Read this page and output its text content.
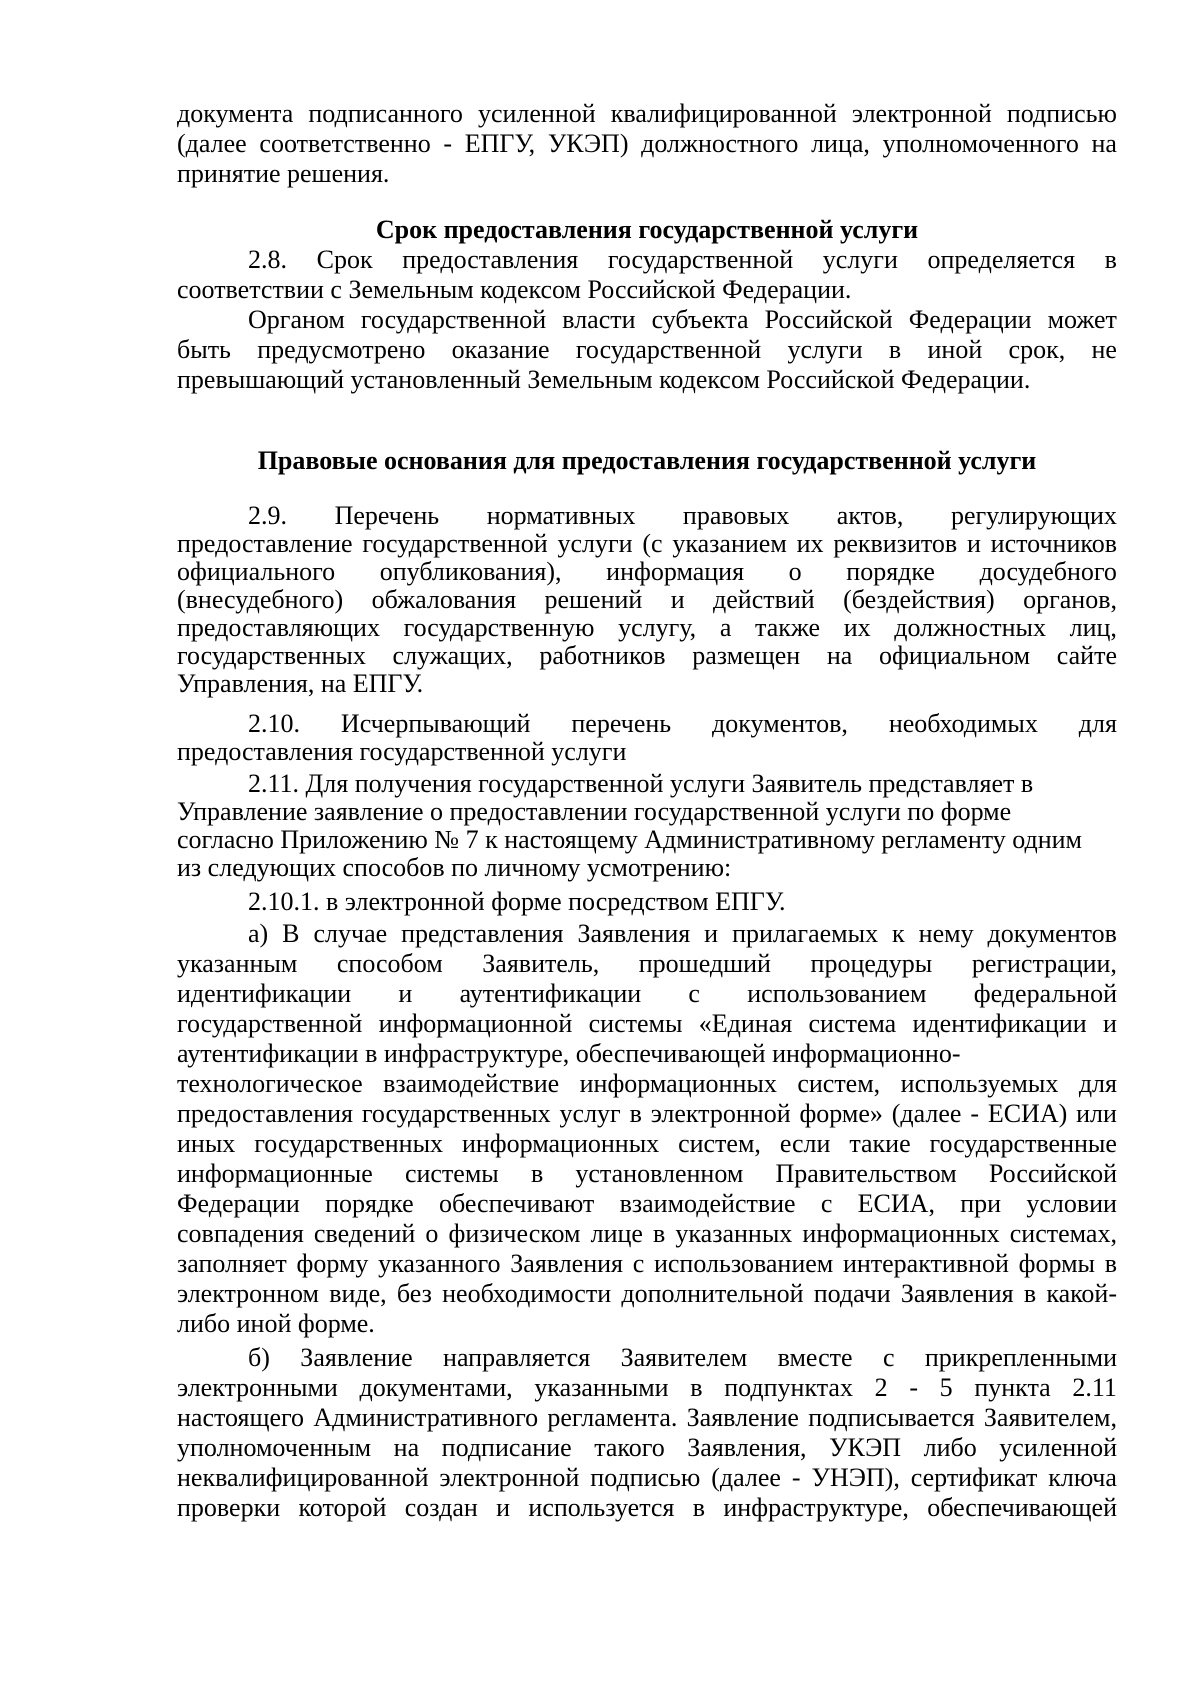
документа подписанного усиленной квалифицированной электронной подписью
(далее соответственно - ЕПГУ, УКЭП) должностного лица, уполномоченного на
принятие решения.
Срок предоставления государственной услуги
2.8. Срок предоставления государственной услуги определяется в
соответствии с Земельным кодексом Российской Федерации.
Органом государственной власти субъекта Российской Федерации может
быть предусмотрено оказание государственной услуги в иной срок, не
превышающий установленный Земельным кодексом Российской Федерации.
Правовые основания для предоставления государственной услуги
2.9. Перечень нормативных правовых актов, регулирующих
предоставление государственной услуги (с указанием их реквизитов и источников
официального опубликования), информация о порядке досудебного
(внесудебного) обжалования решений и действий (бездействия) органов,
предоставляющих государственную услугу, а также их должностных лиц,
государственных служащих, работников размещен на официальном сайте
Управления, на ЕПГУ.
2.10. Исчерпывающий перечень документов, необходимых для
предоставления государственной услуги
2.11. Для получения государственной услуги Заявитель представляет в
Управление заявление о предоставлении государственной услуги по форме
согласно Приложению № 7 к настоящему Административному регламенту одним
из следующих способов по личному усмотрению:
2.10.1. в электронной форме посредством ЕПГУ.
а) В случае представления Заявления и прилагаемых к нему документов
указанным способом Заявитель, прошедший процедуры регистрации,
идентификации и аутентификации с использованием федеральной
государственной информационной системы «Единая система идентификации и
аутентификации в инфраструктуре, обеспечивающей информационно-
технологическое взаимодействие информационных систем, используемых для
предоставления государственных услуг в электронной форме» (далее - ЕСИА) или
иных государственных информационных систем, если такие государственные
информационные системы в установленном Правительством Российской
Федерации порядке обеспечивают взаимодействие с ЕСИА, при условии
совпадения сведений о физическом лице в указанных информационных системах,
заполняет форму указанного Заявления с использованием интерактивной формы в
электронном виде, без необходимости дополнительной подачи Заявления в какой-
либо иной форме.
б) Заявление направляется Заявителем вместе с прикрепленными
электронными документами, указанными в подпунктах 2 - 5 пункта 2.11
настоящего Административного регламента. Заявление подписывается Заявителем,
уполномоченным на подписание такого Заявления, УКЭП либо усиленной
неквалифицированной электронной подписью (далее - УНЭП), сертификат ключа
проверки которой создан и используется в инфраструктуре, обеспечивающей
